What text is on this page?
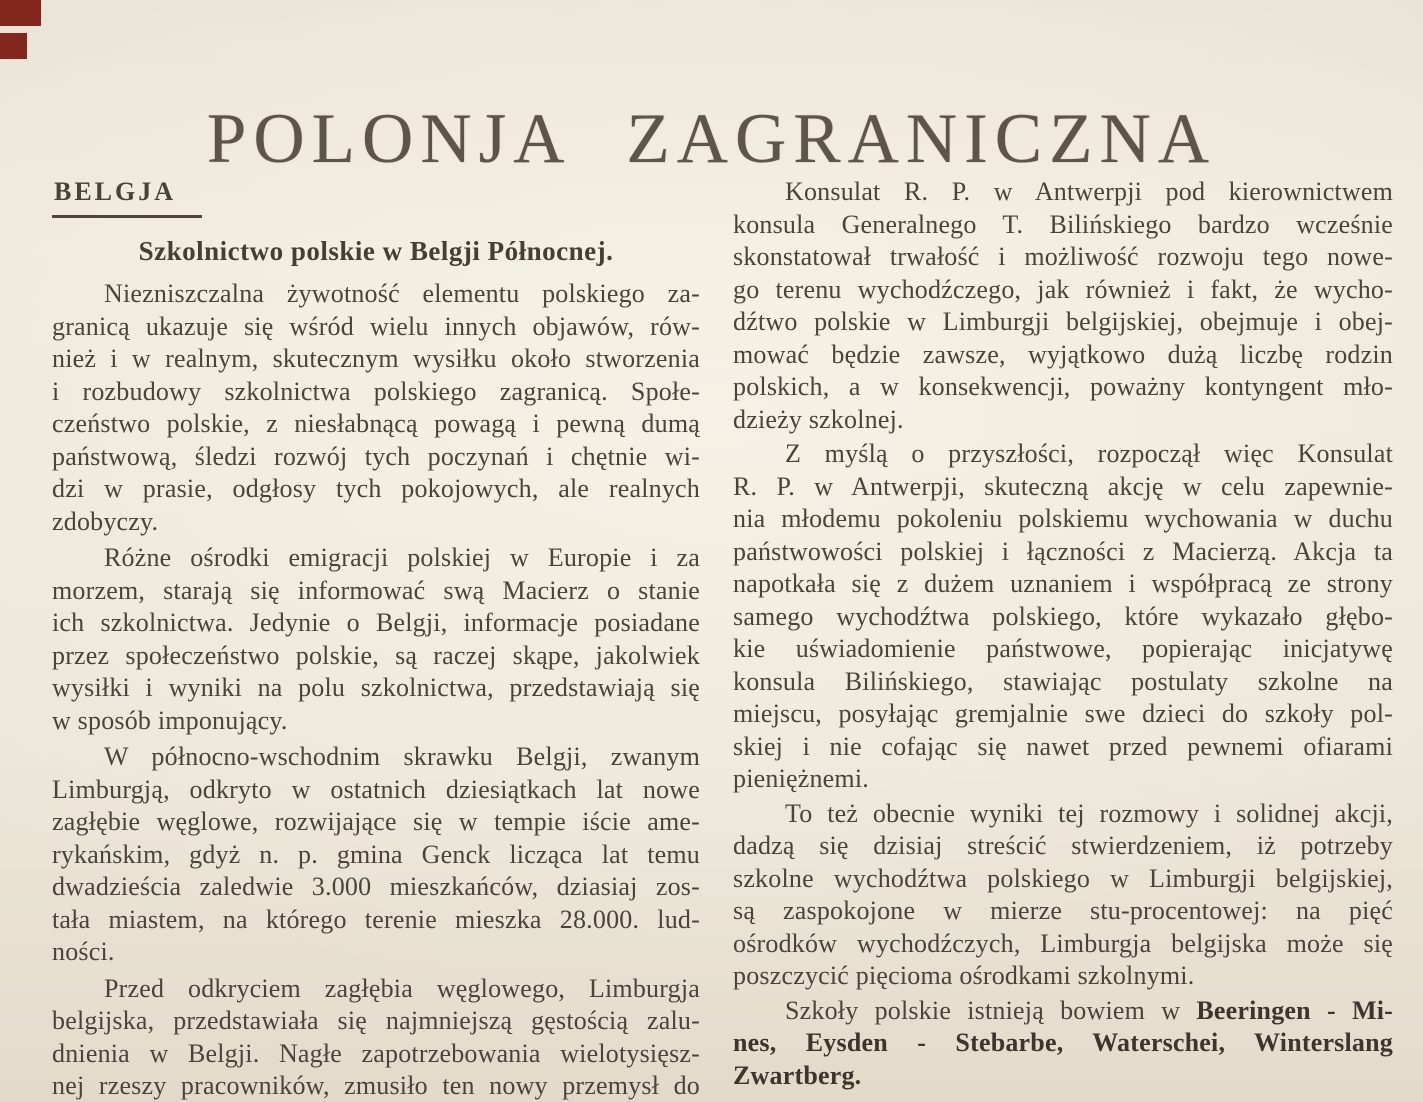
POLONJA ZAGRANICZNA
BELGJA
Szkolnictwo polskie w Belgji Północnej.
Niezniszczalna żywotność elementu polskiego za-
granicą ukazuje się wśród wielu innych objawów, rów-
nież i w realnym, skutecznym wysiłku około stworzenia
i rozbudowy szkolnictwa polskiego zagranicą. Społe-
czeństwo polskie, z niesłabnącą powagą i pewną dumą
państwową, śledzi rozwój tych poczynań i chętnie wi-
dzi w prasie, odgłosy tych pokojowych, ale realnych
zdobyczy.
Różne ośrodki emigracji polskiej w Europie i za
morzem, starają się informować swą Macierz o stanie
ich szkolnictwa. Jedynie o Belgji, informacje posiadane
przez społeczeństwo polskie, są raczej skąpe, jakolwiek
wysiłki i wyniki na polu szkolnictwa, przedstawiają się
w sposób imponujący.
W północno-wschodnim skrawku Belgji, zwanym
Limburgją, odkryto w ostatnich dziesiątkach lat nowe
zagłębie węglowe, rozwijające się w tempie iście ame-
rykańskim, gdyż n. p. gmina Genck licząca lat temu
dwadzieścia zaledwie 3.000 mieszkańców, dziasiaj zos-
tała miastem, na którego terenie mieszka 28.000. lud-
ności.
Przed odkryciem zagłębia węglowego, Limburgja
belgijska, przedstawiała się najmniejszą gęstością zalu-
dnienia w Belgji. Nagłe zapotrzebowania wielotysięsz-
nej rzeszy pracowników, zmusiło ten nowy przemysł do
Konsulat R. P. w Antwerpji pod kierownictwem
konsula Generalnego T. Bilińskiego bardzo wcześnie
skonstatował trwałość i możliwość rozwoju tego nowe-
go terenu wychodźczego, jak również i fakt, że wycho-
dźtwo polskie w Limburgji belgijskiej, obejmuje i obej-
mować będzie zawsze, wyjątkowo dużą liczbę rodzin
polskich, a w konsekwencji, poważny kontyngent mło-
dzieży szkolnej.
Z myślą o przyszłości, rozpoczął więc Konsulat
R. P. w Antwerpji, skuteczną akcję w celu zapewnie-
nia młodemu pokoleniu polskiemu wychowania w duchu
państwowości polskiej i łączności z Macierzą. Akcja ta
napotkała się z dużem uznaniem i współpracą ze strony
samego wychodźtwa polskiego, które wykazało głębo-
kie uświadomienie państwowe, popierając inicjatywę
konsula Bilińskiego, stawiając postulaty szkolne na
miejscu, posyłając gremjalnie swe dzieci do szkoły pol-
skiej i nie cofając się nawet przed pewnemi ofiarami
pieniężnemi.
To też obecnie wyniki tej rozmowy i solidnej akcji,
dadzą się dzisiaj streścić stwierdzeniem, iż potrzeby
szkolne wychodźtwa polskiego w Limburgji belgijskiej,
są zaspokojone w mierze stu-procentowej: na pięć
ośrodków wychodźczych, Limburgja belgijska może się
poszczycić pięcioma ośrodkami szkolnymi.
Szkoły polskie istnieją bowiem w Beeringen - Mi-
nes, Eysden - Stebarbe, Waterschei, Winterslang
Zwartberg.
